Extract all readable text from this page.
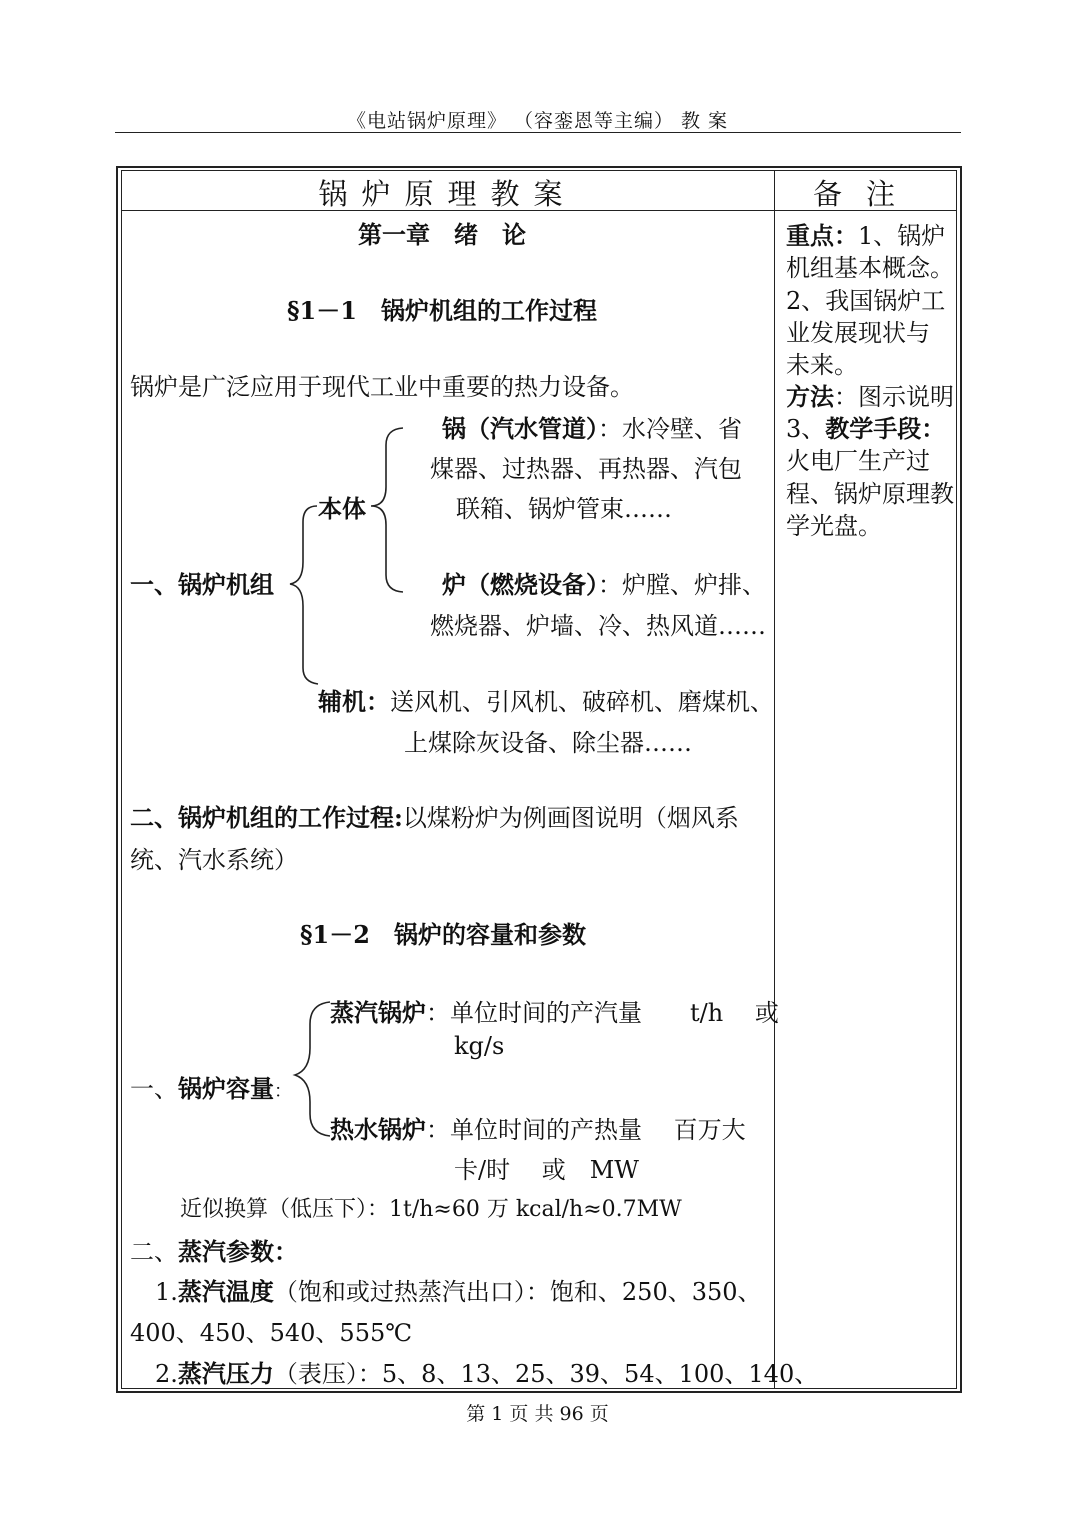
《电站锅炉原理》 （容銮恩等主编） 教 案
锅炉原理教案	备注
第一章　绪　论
§1－1　锅炉机组的工作过程
锅炉是广泛应用于现代工业中重要的热力设备。
锅（汽水管道）：水冷壁、省
煤器、过热器、再热器、汽包
本体	联箱、锅炉管束……
一、锅炉机组	炉（燃烧设备）：炉膛、炉排、
燃烧器、炉墙、冷、热风道……
辅机：送风机、引风机、破碎机、磨煤机、
上煤除灰设备、除尘器……
二、锅炉机组的工作过程:以煤粉炉为例画图说明（烟风系
统、汽水系统）
§1－2　锅炉的容量和参数
蒸汽锅炉：单位时间的产汽量　　t/h　 或
kg/s
一、锅炉容量：
热水锅炉：单位时间的产热量　 百万大
卡/时　 或　MW
近似换算（低压下）：1t/h≈60 万 kcal/h≈0.7MW
二、蒸汽参数：
1.蒸汽温度（饱和或过热蒸汽出口）：饱和、250、350、
400、450、540、555℃
2.蒸汽压力（表压）：5、8、13、25、39、54、100、140、
重点：1、锅炉
机组基本概念。
2、我国锅炉工
业发展现状与
未来。
方法：图示说明
3、教学手段：
火电厂生产过
程、锅炉原理教
学光盘。
第 1 页 共 96 页
